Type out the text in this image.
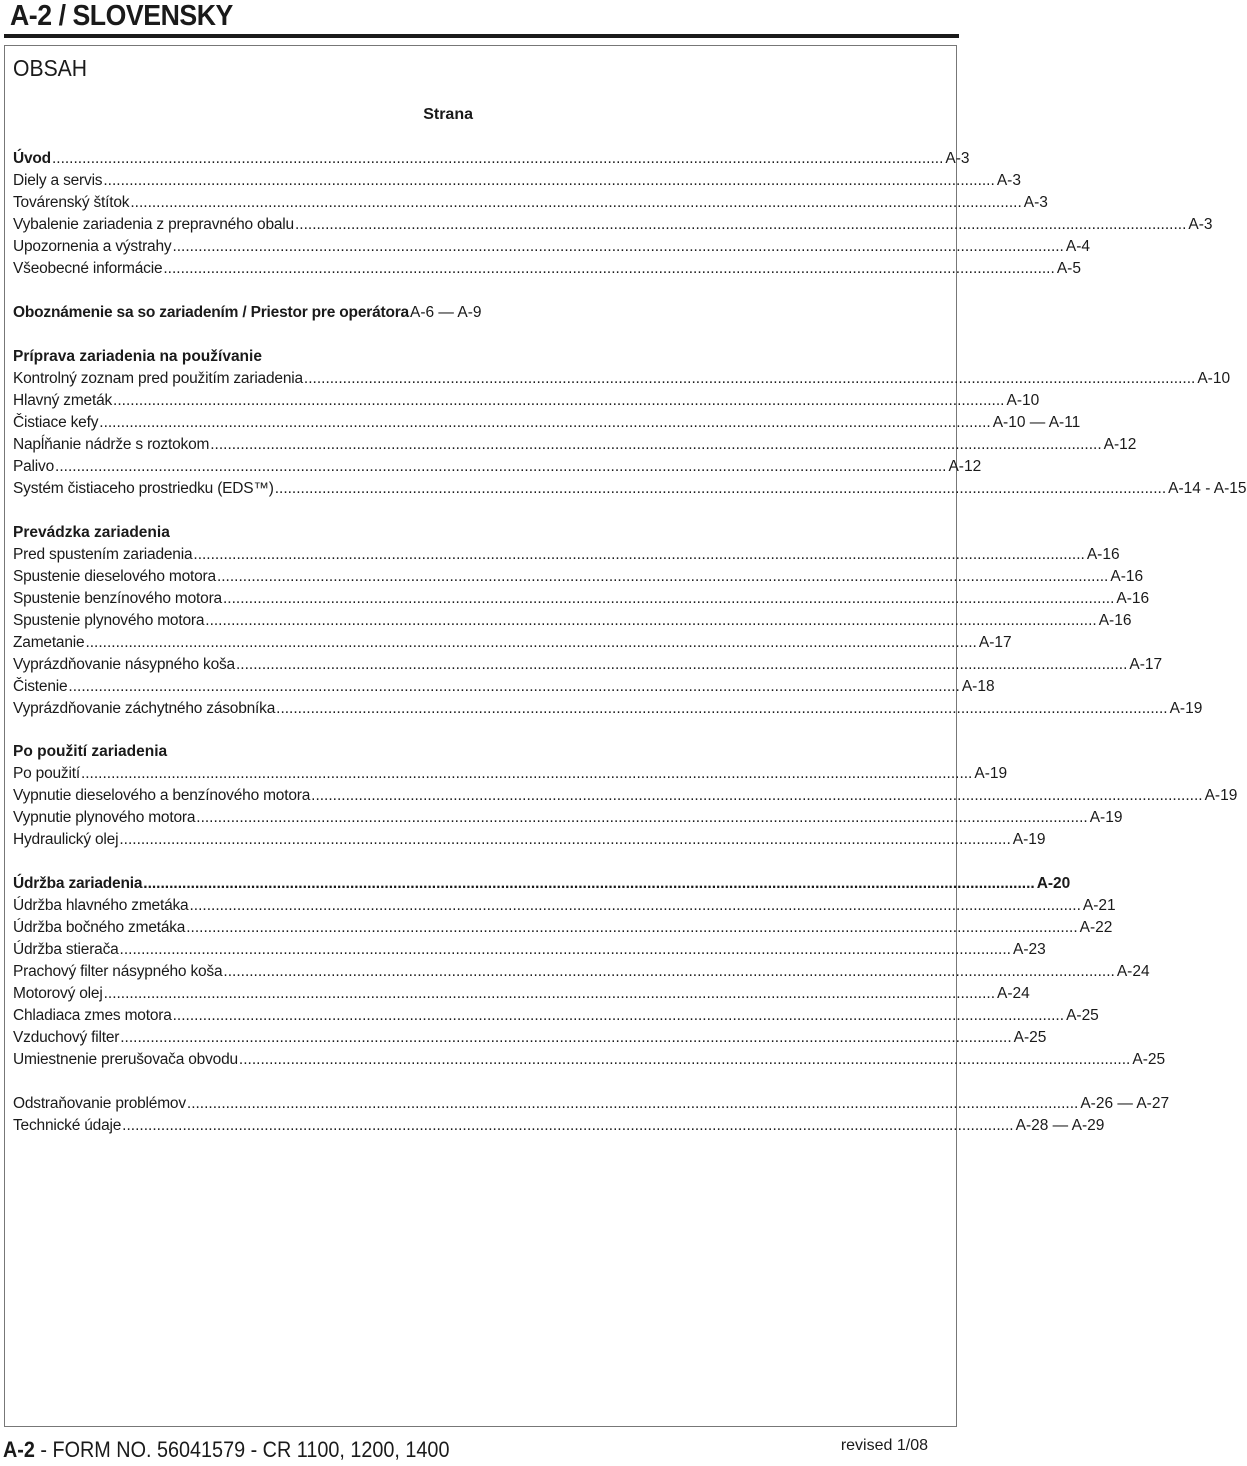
A-2 / SLOVENSKY
OBSAH
Strana
Úvod .....	A-3
Diely a servis .....	A-3
Továrenský štítok .....	A-3
Vybalenie zariadenia z prepravného obalu .....	A-3
Upozornenia a výstrahy .....	A-4
Všeobecné informácie .....	A-5
Oboznámenie sa so zariadením / Priestor pre operátora A-6 — A-9
Príprava zariadenia na používanie
Kontrolný zoznam pred použitím zariadenia .....	A-10
Hlavný zmeták .....	A-10
Čistiace kefy .....	A-10 — A-11
Napĺňanie nádrže s roztokom .....	A-12
Palivo .....	A-12
Systém čistiaceho prostriedku (EDS™) .....	A-14 - A-15
Prevádzka zariadenia
Pred spustením zariadenia .....	A-16
Spustenie dieselového motora .....	A-16
Spustenie benzínového motora .....	A-16
Spustenie plynového motora .....	A-16
Zametanie .....	A-17
Vyprázdňovanie násypného koša .....	A-17
Čistenie .....	A-18
Vyprázdňovanie záchytného zásobníka .....	A-19
Po použití zariadenia
Po použití .....	A-19
Vypnutie dieselového a benzínového motora .....	A-19
Vypnutie plynového motora .....	A-19
Hydraulický olej .....	A-19
Údržba zariadenia .....	A-20
Údržba hlavného zmetáka .....	A-21
Údržba bočného zmetáka .....	A-22
Údržba stierača .....	A-23
Prachový filter násypného koša .....	A-24
Motorový olej .....	A-24
Chladiaca zmes motora .....	A-25
Vzduchový filter .....	A-25
Umiestnenie prerušovača obvodu .....	A-25
Odstraňovanie problémov .....	A-26 — A-27
Technické údaje .....	A-28 — A-29
A-2 - FORM NO. 56041579 - CR 1100, 1200, 1400	revised 1/08
